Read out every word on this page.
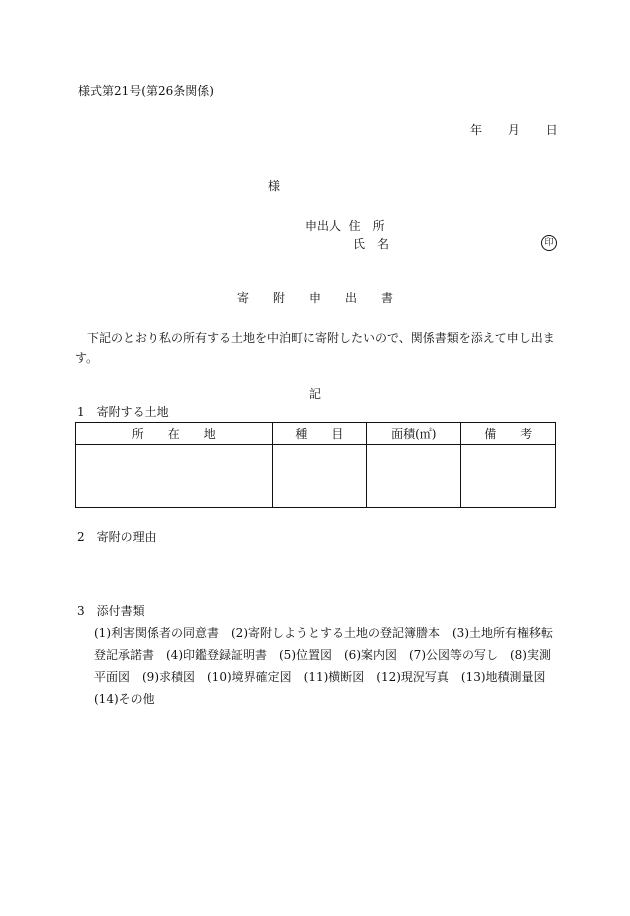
様式第21号(第26条関係)
年 月 日
様
申出人 住　所
氏　名	印
寄 附 申 出 書
下記のとおり私の所有する土地を中泊町に寄附したいので、関係書類を添えて申し出ます。
記
1　寄附する土地
所　　在　　地	種　　目	面積(㎡)	備　　考

2　寄附の理由
3　添付書類
(1)利害関係者の同意書　(2)寄附しようとする土地の登記簿謄本　(3)土地所有権移転登記承諾書　(4)印鑑登録証明書　(5)位置図　(6)案内図　(7)公図等の写し　(8)実測平面図　(9)求積図　(10)境界確定図　(11)横断図　(12)現況写真　(13)地積測量図　(14)その他
